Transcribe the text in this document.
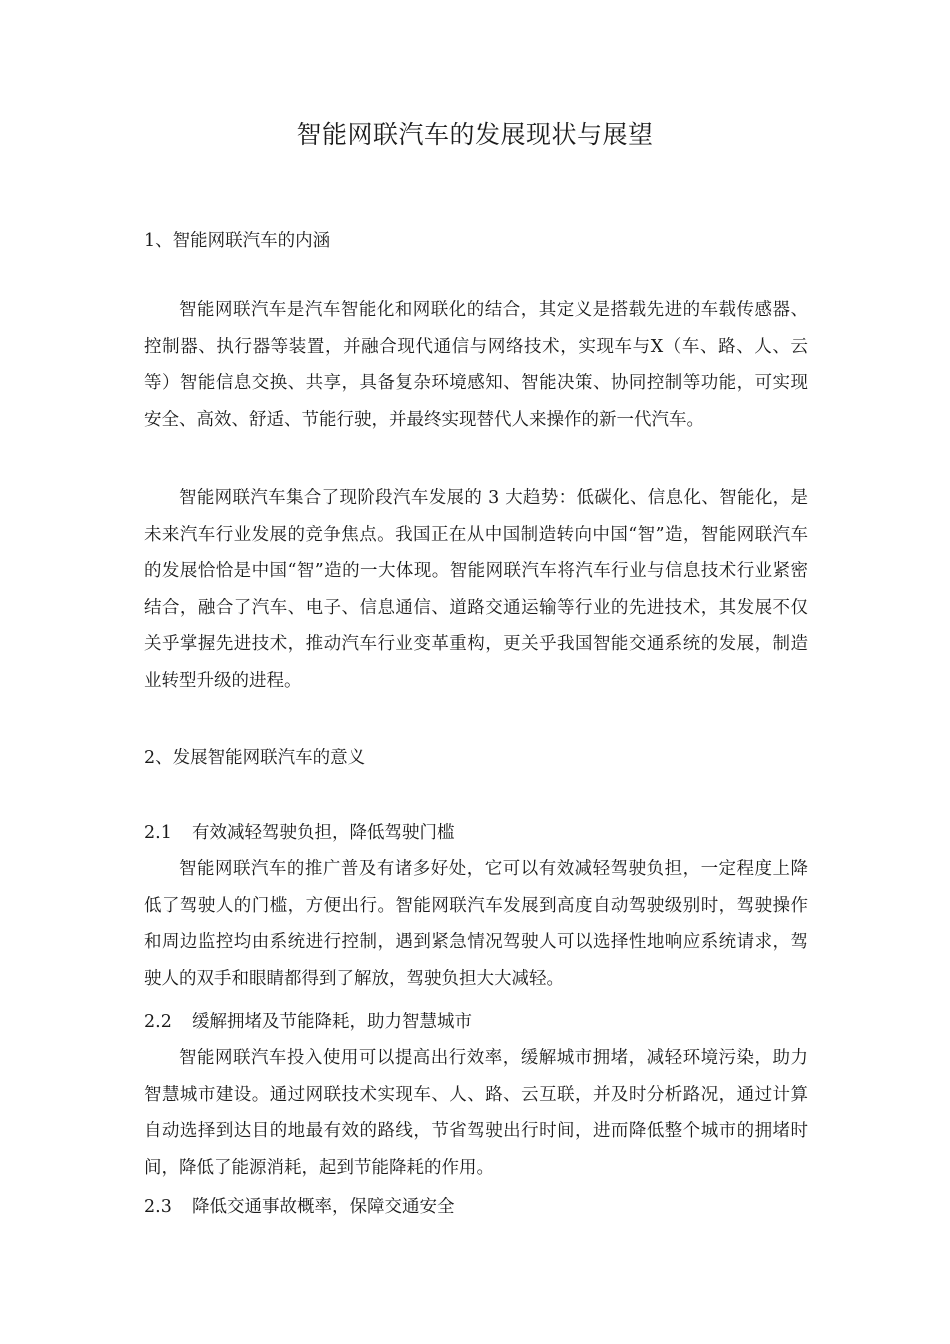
智能网联汽车的发展现状与展望
1、智能网联汽车的内涵
智能网联汽车是汽车智能化和网联化的结合，其定义是搭载先进的车载传感器、控制器、执行器等装置，并融合现代通信与网络技术，实现车与X（车、路、人、云等）智能信息交换、共享，具备复杂环境感知、智能决策、协同控制等功能，可实现安全、高效、舒适、节能行驶，并最终实现替代人来操作的新一代汽车。
智能网联汽车集合了现阶段汽车发展的 3 大趋势：低碳化、信息化、智能化，是未来汽车行业发展的竞争焦点。我国正在从中国制造转向中国“智”造，智能网联汽车的发展恰恰是中国“智”造的一大体现。智能网联汽车将汽车行业与信息技术行业紧密结合，融合了汽车、电子、信息通信、道路交通运输等行业的先进技术，其发展不仅关乎掌握先进技术，推动汽车行业变革重构，更关乎我国智能交通系统的发展，制造业转型升级的进程。
2、发展智能网联汽车的意义
2.1 有效减轻驾驶负担，降低驾驶门槛
智能网联汽车的推广普及有诸多好处，它可以有效减轻驾驶负担，一定程度上降低了驾驶人的门槛，方便出行。智能网联汽车发展到高度自动驾驶级别时，驾驶操作和周边监控均由系统进行控制，遇到紧急情况驾驶人可以选择性地响应系统请求，驾驶人的双手和眼睛都得到了解放，驾驶负担大大减轻。
2.2 缓解拥堵及节能降耗，助力智慧城市
智能网联汽车投入使用可以提高出行效率，缓解城市拥堵，减轻环境污染，助力智慧城市建设。通过网联技术实现车、人、路、云互联，并及时分析路况，通过计算自动选择到达目的地最有效的路线，节省驾驶出行时间，进而降低整个城市的拥堵时间，降低了能源消耗，起到节能降耗的作用。
2.3 降低交通事故概率，保障交通安全
